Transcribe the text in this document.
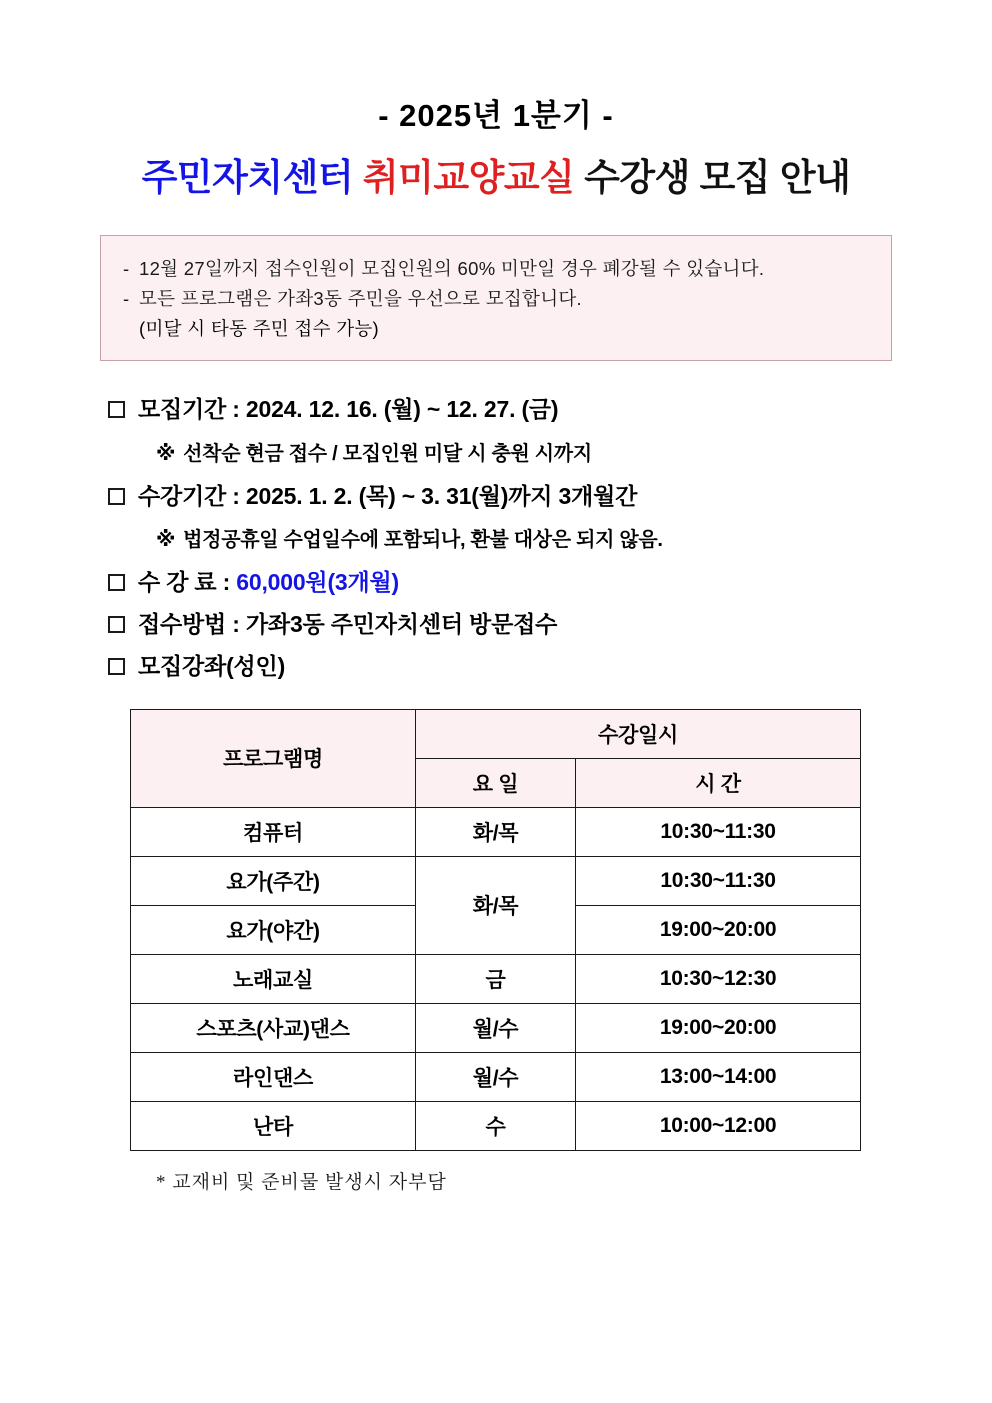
- 2025년 1분기 -
주민자치센터 취미교양교실 수강생 모집 안내
- 12월 27일까지 접수인원이 모집인원의 60% 미만일 경우 폐강될 수 있습니다.
- 모든 프로그램은 가좌3동 주민을 우선으로 모집합니다.
(미달 시 타동 주민 접수 가능)
모집기간 : 2024. 12. 16. (월) ~ 12. 27. (금)
※ 선착순 현금 접수 / 모집인원 미달 시 충원 시까지
수강기간 : 2025. 1. 2. (목) ~ 3. 31(월)까지 3개월간
※ 법정공휴일 수업일수에 포함되나, 환불 대상은 되지 않음.
수 강 료 : 60,000원(3개월)
접수방법 : 가좌3동 주민자치센터 방문접수
모집강좌(성인)
프로그램명	수강일시	
	요 일	시 간
컴퓨터	화/목	10:30~11:30
요가(주간)	화/목	10:30~11:30
요가(야간)		19:00~20:00
노래교실	금	10:30~12:30
스포츠(사교)댄스	월/수	19:00~20:00
라인댄스	월/수	13:00~14:00
난타	수	10:00~12:00
* 교재비 및 준비물 발생시 자부담
